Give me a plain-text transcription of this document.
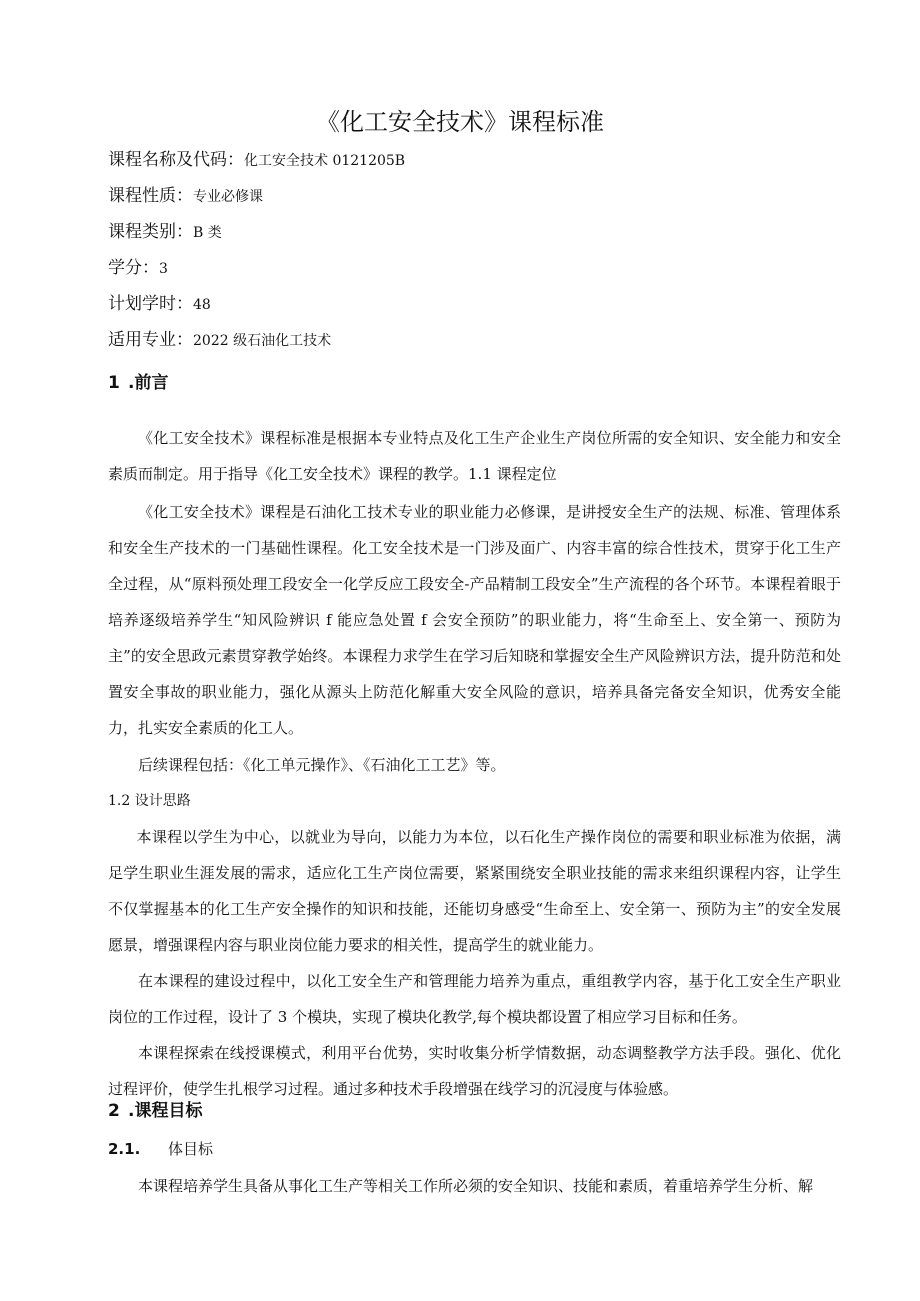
《化工安全技术》课程标准
课程名称及代码：化工安全技术 0121205B
课程性质：专业必修课
课程类别：B 类
学分：3
计划学时：48
适用专业：2022 级石油化工技术
1 .前言
《化工安全技术》课程标准是根据本专业特点及化工生产企业生产岗位所需的安全知识、安全能力和安全素质而制定。用于指导《化工安全技术》课程的教学。1.1 课程定位
《化工安全技术》课程是石油化工技术专业的职业能力必修课，是讲授安全生产的法规、标准、管理体系和安全生产技术的一门基础性课程。化工安全技术是一门涉及面广、内容丰富的综合性技术，贯穿于化工生产全过程，从“原料预处理工段安全一化学反应工段安全-产品精制工段安全”生产流程的各个环节。本课程着眼于培养逐级培养学生“知风险辨识 f 能应急处置 f 会安全预防”的职业能力，将“生命至上、安全第一、预防为主”的安全思政元素贯穿教学始终。本课程力求学生在学习后知晓和掌握安全生产风险辨识方法，提升防范和处置安全事故的职业能力，强化从源头上防范化解重大安全风险的意识，培养具备完备安全知识，优秀安全能力，扎实安全素质的化工人。
后续课程包括：《化工单元操作》、《石油化工工艺》等。
1.2 设计思路
本课程以学生为中心，以就业为导向，以能力为本位，以石化生产操作岗位的需要和职业标准为依据，满足学生职业生涯发展的需求，适应化工生产岗位需要，紧紧围绕安全职业技能的需求来组织课程内容，让学生不仅掌握基本的化工生产安全操作的知识和技能，还能切身感受“生命至上、安全第一、预防为主”的安全发展愿景，增强课程内容与职业岗位能力要求的相关性，提高学生的就业能力。
在本课程的建设过程中，以化工安全生产和管理能力培养为重点，重组教学内容，基于化工安全生产职业岗位的工作过程，设计了 3 个模块，实现了模块化教学,每个模块都设置了相应学习目标和任务。
本课程探索在线授课模式，利用平台优势，实时收集分析学情数据，动态调整教学方法手段。强化、优化过程评价，使学生扎根学习过程。通过多种技术手段增强在线学习的沉浸度与体验感。
2 .课程目标
2.1. 体目标
本课程培养学生具备从事化工生产等相关工作所必须的安全知识、技能和素质，着重培养学生分析、解
